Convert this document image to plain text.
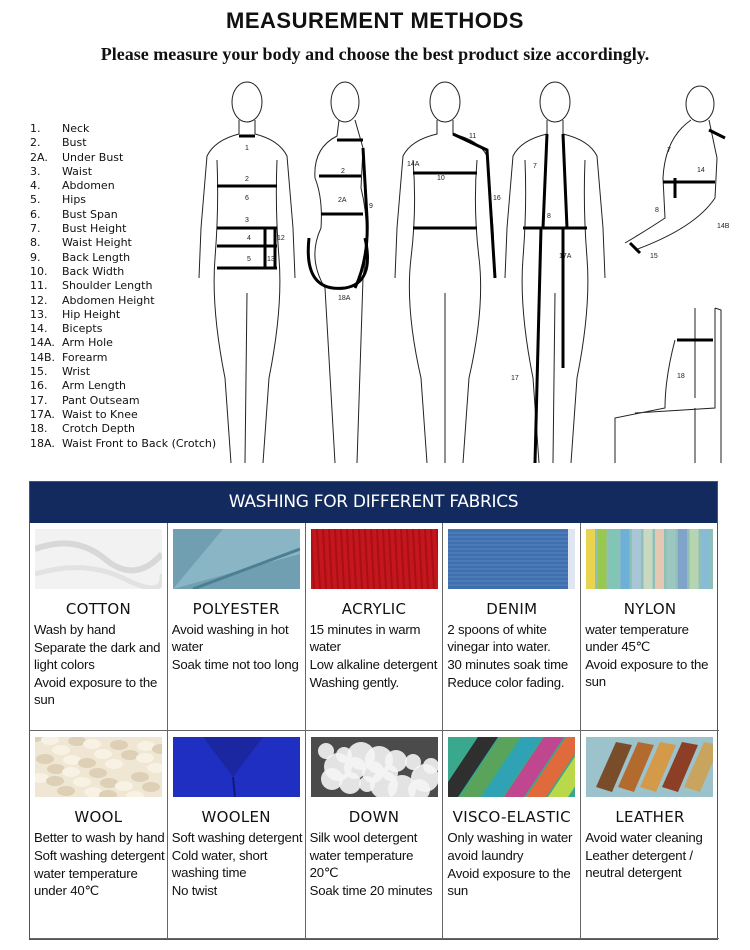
MEASUREMENT METHODS
Please measure your body and choose the best product size accordingly.
1.	Neck
2.	Bust
2A.	Under Bust
3.	Waist
4.	Abdomen
5.	Hips
6.	Bust Span
7.	Bust Height
8.	Waist Height
9.	Back Length
10.	Back Width
11.	Shoulder Length
12.	Abdomen Height
13.	Hip Height
14.	Bicepts
14A. Arm Hole
14B. Forearm
15.	Wrist
16.	Arm Length
17.	Pant Outseam
17A. Waist to Knee
18.	Crotch Depth
18A. Waist Front to Back (Crotch)
1
2
6
3
4	12
5 13
2
2A
9
18A
11
14A
10
16
7
8
17A
17
7
14
8
14B
15
18
WASHING FOR DIFFERENT FABRICS
COTTON
Wash by hand
Separate the dark and light colors
Avoid exposure to the sun
POLYESTER
Avoid washing in hot water
Soak time not too long
ACRYLIC
15 minutes in warm water
Low alkaline detergent
Washing gently.
DENIM
2 spoons of white vinegar into water.
30 minutes soak time
Reduce color fading.
NYLON
water temperature under 45℃
Avoid exposure to the sun
WOOL
Better to wash by hand
Soft washing detergent
water temperature under 40℃
WOOLEN
Soft washing detergent
Cold water, short washing time
No twist
DOWN
Silk wool detergent
water temperature 20℃
Soak time 20 minutes
VISCO-ELASTIC
Only washing in water
avoid laundry
Avoid exposure to the sun
LEATHER
Avoid water cleaning
Leather detergent / neutral detergent
